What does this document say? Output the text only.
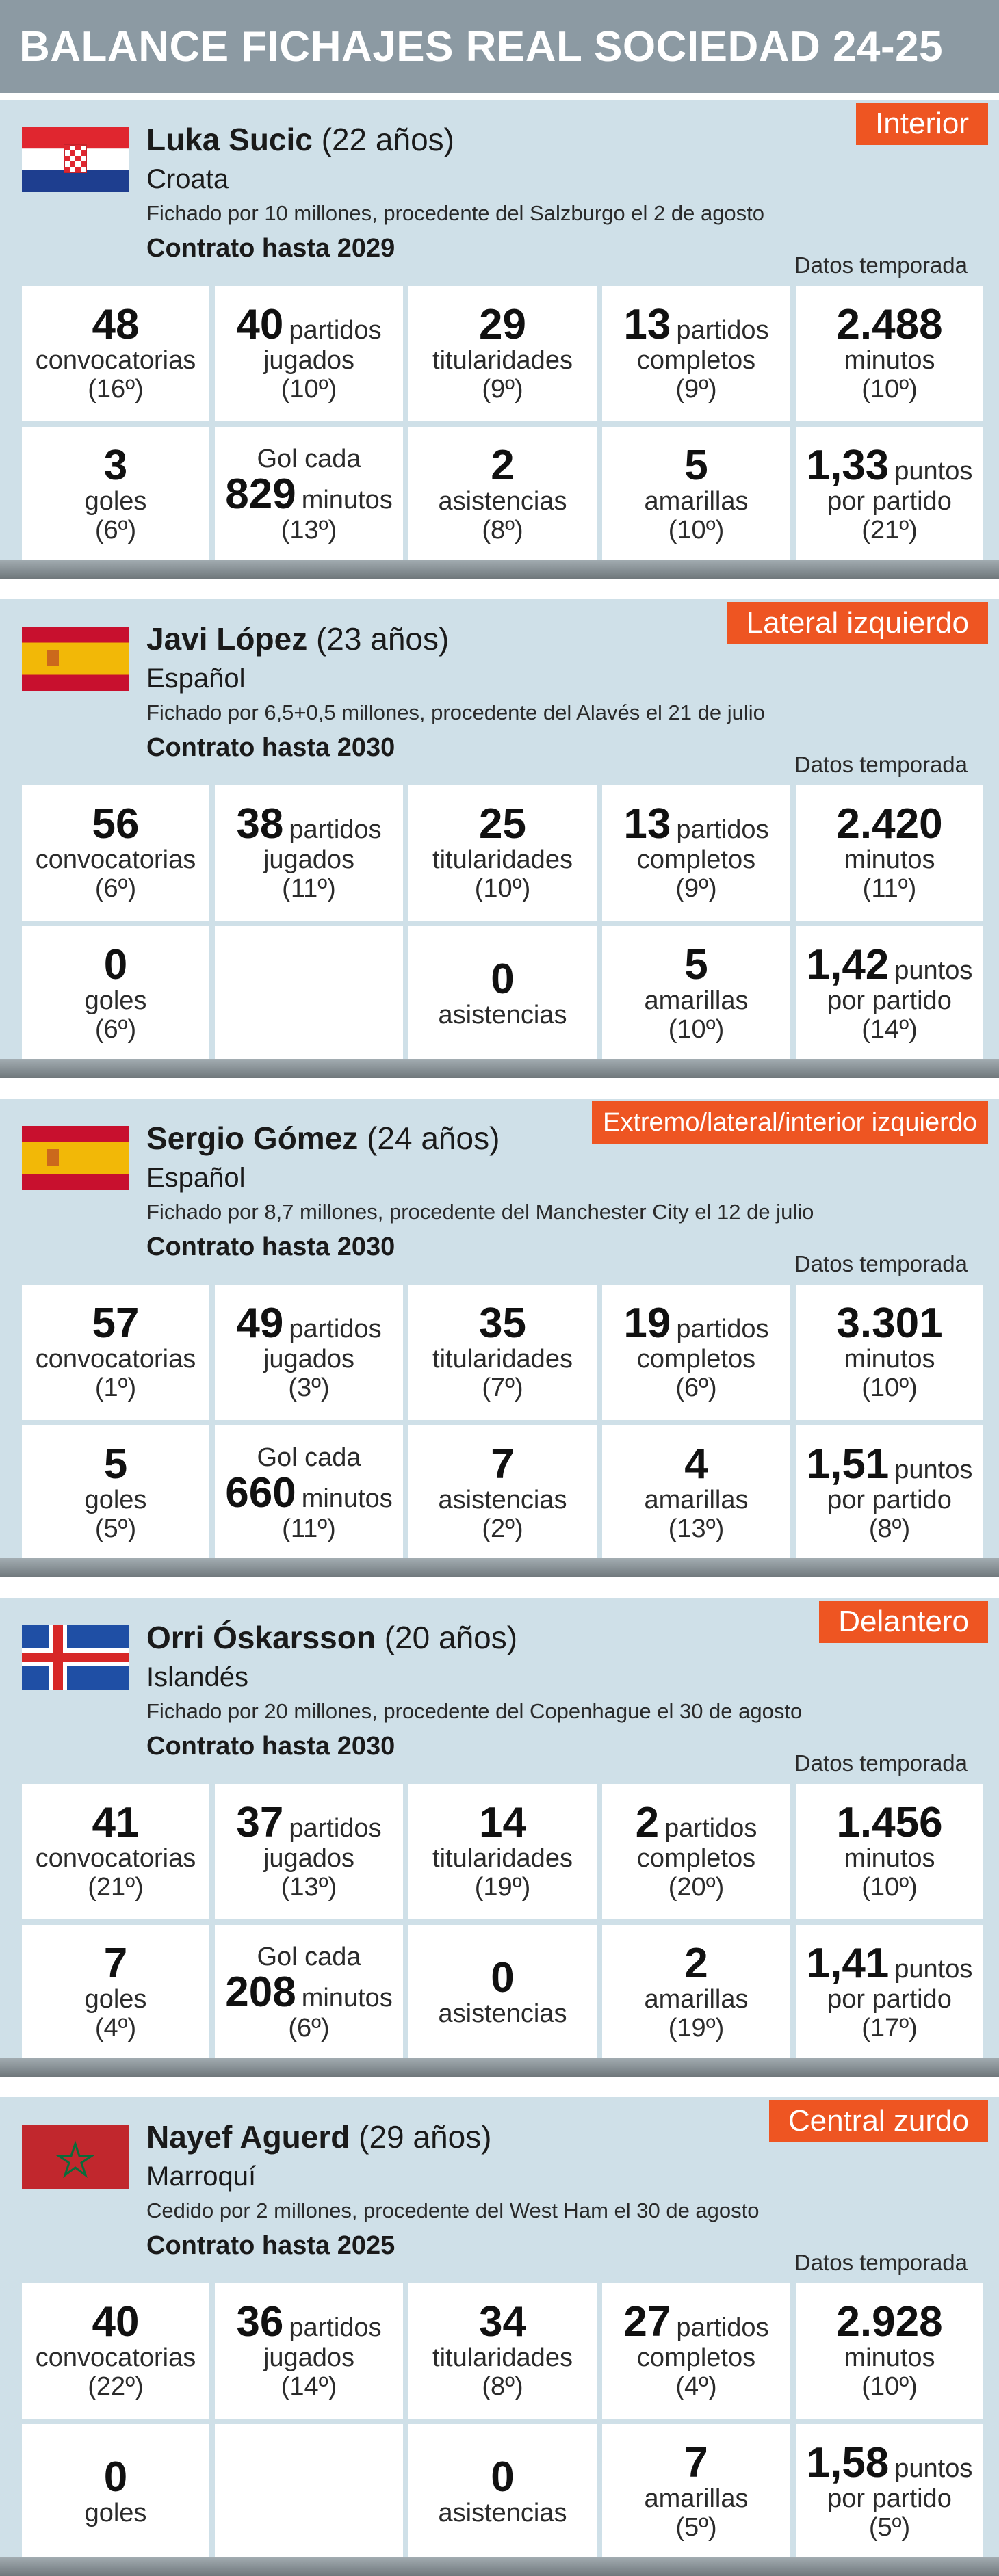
BALANCE FICHAJES REAL SOCIEDAD 24-25
Interior
Luka Sucic (22 años)
Croata
Fichado por 10 millones, procedente del Salzburgo el 2 de agosto
Contrato hasta 2029
Datos temporada
48
convocatorias
(16º)
40 partidos
jugados
(10º)
29
titularidades
(9º)
13 partidos
completos
(9º)
2.488
minutos
(10º)
3
goles
(6º)
Gol cada
829 minutos
(13º)
2
asistencias
(8º)
5
amarillas
(10º)
1,33 puntos
por partido
(21º)
Lateral izquierdo
Javi López (23 años)
Español
Fichado por 6,5+0,5 millones, procedente del Alavés el 21 de julio
Contrato hasta 2030
Datos temporada
56
convocatorias
(6º)
38 partidos
jugados
(11º)
25
titularidades
(10º)
13 partidos
completos
(9º)
2.420
minutos
(11º)
0
goles
(6º)
0
asistencias
5
amarillas
(10º)
1,42 puntos
por partido
(14º)
Extremo/lateral/interior izquierdo
Sergio Gómez (24 años)
Español
Fichado por 8,7 millones, procedente del Manchester City el 12 de julio
Contrato hasta 2030
Datos temporada
57
convocatorias
(1º)
49 partidos
jugados
(3º)
35
titularidades
(7º)
19 partidos
completos
(6º)
3.301
minutos
(10º)
5
goles
(5º)
Gol cada
660 minutos
(11º)
7
asistencias
(2º)
4
amarillas
(13º)
1,51 puntos
por partido
(8º)
Delantero
Orri Óskarsson (20 años)
Islandés
Fichado por 20 millones, procedente del Copenhague el 30 de agosto
Contrato hasta 2030
Datos temporada
41
convocatorias
(21º)
37 partidos
jugados
(13º)
14
titularidades
(19º)
2 partidos
completos
(20º)
1.456
minutos
(10º)
7
goles
(4º)
Gol cada
208 minutos
(6º)
0
asistencias
2
amarillas
(19º)
1,41 puntos
por partido
(17º)
Central zurdo
Nayef Aguerd (29 años)
Marroquí
Cedido por 2 millones, procedente del West Ham el 30 de agosto
Contrato hasta 2025
Datos temporada
40
convocatorias
(22º)
36 partidos
jugados
(14º)
34
titularidades
(8º)
27 partidos
completos
(4º)
2.928
minutos
(10º)
0
goles
0
asistencias
7
amarillas
(5º)
1,58 puntos
por partido
(5º)
